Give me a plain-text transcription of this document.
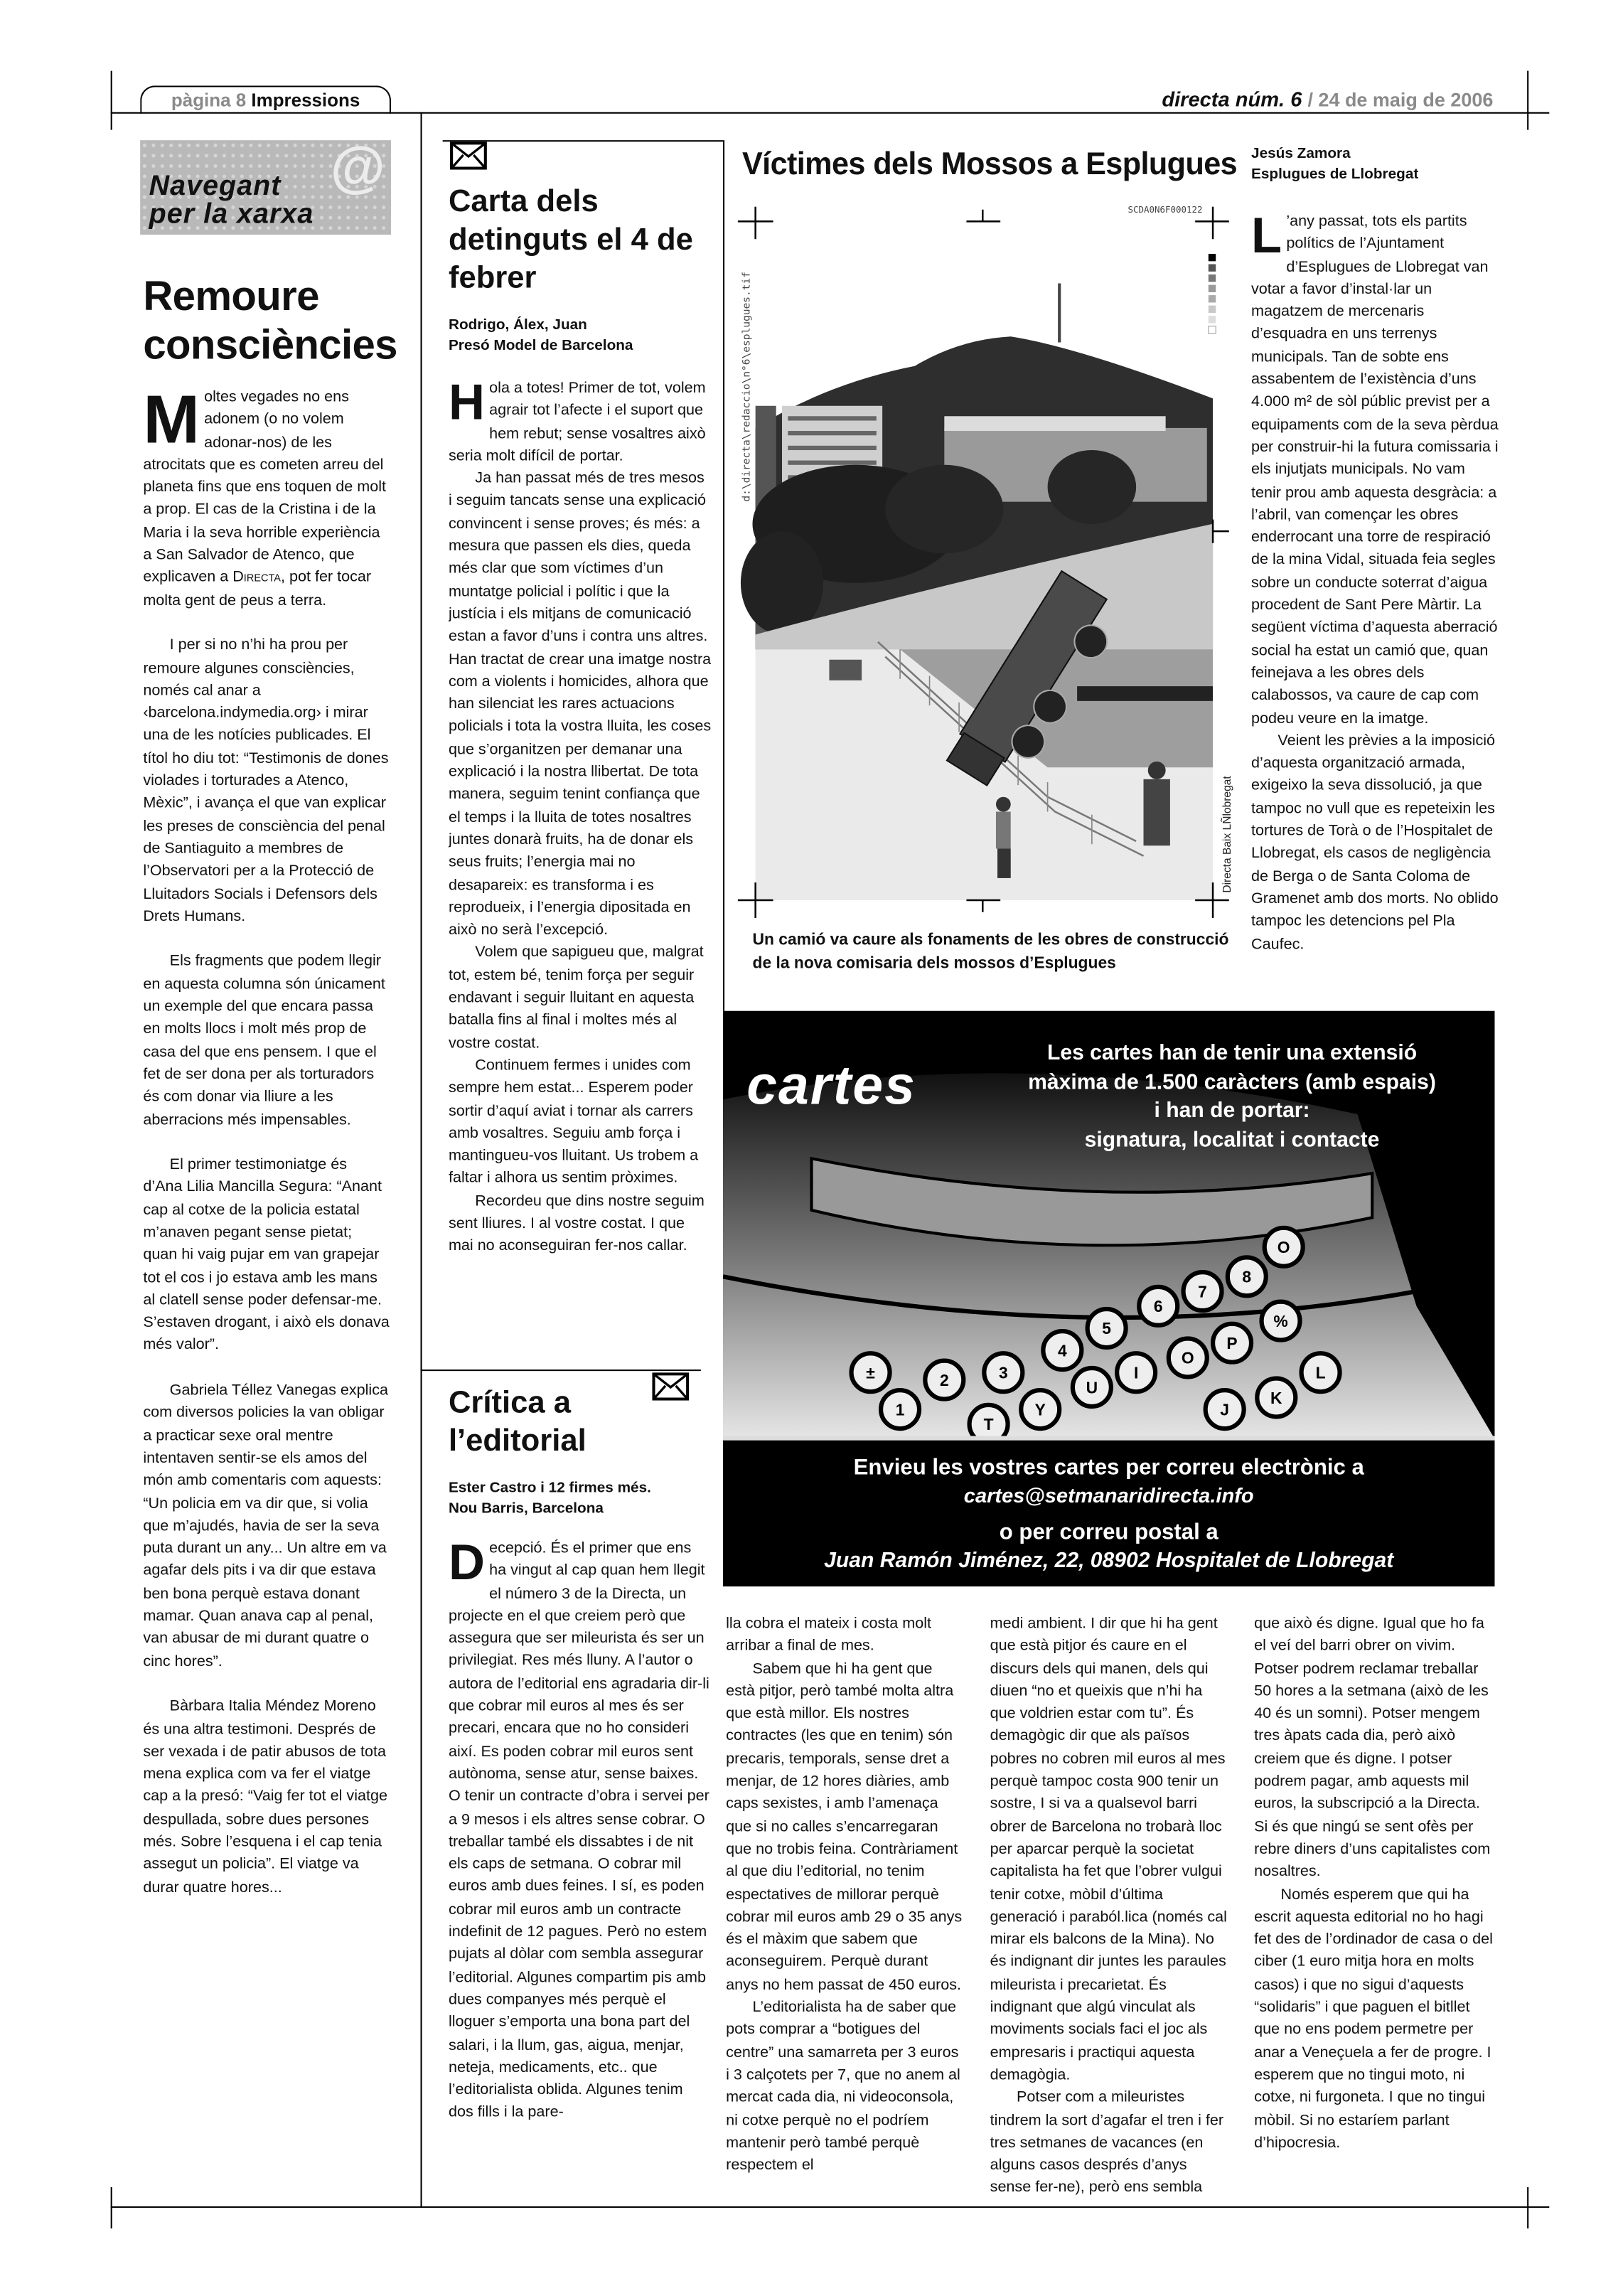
pàgina 8 Impressions	directa núm. 6 / 24 de maig de 2006
@
Navegant
per la xarxa
Remoure consciències

Moltes vegades no ens adonem (o no volem adonar-nos) de les atrocitats que es cometen arreu del planeta fins que ens toquen de molt a prop. El cas de la Cristina i de la Maria i la seva horrible experiència a San Salvador de Atenco, que explicaven a Directa, pot fer tocar molta gent de peus a terra.

I per si no n’hi ha prou per remoure algunes consciències, només cal anar a ‹barcelona.indymedia.org› i mirar una de les notícies publicades. El títol ho diu tot: “Testimonis de dones violades i torturades a Atenco, Mèxic”, i avança el que van explicar les preses de consciència del penal de Santiaguito a membres de l’Observatori per a la Protecció de Lluitadors Socials i Defensors dels Drets Humans.

Els fragments que podem llegir en aquesta columna són únicament un exemple del que encara passa en molts llocs i molt més prop de casa del que ens pensem. I que el fet de ser dona per als torturadors és com donar via lliure a les aberracions més impensables.

El primer testimoniatge és d’Ana Lilia Mancilla Segura: “Anant cap al cotxe de la policia estatal m’anaven pegant sense pietat; quan hi vaig pujar em van grapejar tot el cos i jo estava amb les mans al clatell sense poder defensar-me. S’estaven drogant, i això els donava més valor”.

Gabriela Téllez Vanegas explica com diversos policies la van obligar a practicar sexe oral mentre intentaven sentir-se els amos del món amb comentaris com aquests: “Un policia em va dir que, si volia que m’ajudés, havia de ser la seva puta durant un any... Un altre em va agafar dels pits i va dir que estava ben bona perquè estava donant mamar. Quan anava cap al penal, van abusar de mi durant quatre o cinc hores”.

Bàrbara Italia Méndez Moreno és una altra testimoni. Després de ser vexada i de patir abusos de tota mena explica com va fer el viatge cap a la presó: “Vaig fer tot el viatge despullada, sobre dues persones més. Sobre l’esquena i el cap tenia assegut un policia”. El viatge va durar quatre hores...

Carta dels detinguts el 4 de febrer
Rodrigo, Álex, Juan
Presó Model de Barcelona

Hola a totes! Primer de tot, volem agrair tot l’afecte i el suport que hem rebut; sense vosaltres això seria molt difícil de portar.

Ja han passat més de tres mesos i seguim tancats sense una explicació convincent i sense proves; és més: a mesura que passen els dies, queda més clar que som víctimes d’un muntatge policial i polític i que la justícia i els mitjans de comunicació estan a favor d’uns i contra uns altres. Han tractat de crear una imatge nostra com a violents i homicides, alhora que han silenciat les rares actuacions policials i tota la vostra lluita, les coses que s’organitzen per demanar una explicació i la nostra llibertat. De tota manera, seguim tenint confiança que el temps i la lluita de totes nosaltres juntes donarà fruits, ha de donar els seus fruits; l’energia mai no desapareix: es transforma i es reprodueix, i l’energia dipositada en això no serà l’excepció.

Volem que sapigueu que, malgrat tot, estem bé, tenim força per seguir endavant i seguir lluitant en aquesta batalla fins al final i moltes més al vostre costat.

Continuem fermes i unides com sempre hem estat... Esperem poder sortir d’aquí aviat i tornar als carrers amb vosaltres. Seguiu amb força i mantingueu-vos lluitant. Us trobem a faltar i alhora us sentim pròximes.

Recordeu que dins nostre seguim sent lliures. I al vostre costat. I que mai no aconseguiran fer-nos callar.

Crítica a l’editorial
Ester Castro i 12 firmes més.
Nou Barris, Barcelona

Decepció. És el primer que ens ha vingut al cap quan hem llegit el número 3 de la Directa, un projecte en el que creiem però que assegura que ser mileurista és ser un privilegiat. Res més lluny. A l’autor o autora de l’editorial ens agradaria dir-li que cobrar mil euros al mes és ser precari, encara que no ho consideri així. Es poden cobrar mil euros sent autònoma, sense atur, sense baixes. O tenir un contracte d’obra i servei per a 9 mesos i els altres sense cobrar. O treballar també els dissabtes i de nit els caps de setmana. O cobrar mil euros amb dues feines. I sí, es poden cobrar mil euros amb un contracte indefinit de 12 pagues. Però no estem pujats al dòlar com sembla assegurar l’editorial. Algunes compartim pis amb dues companyes més perquè el lloguer s’emporta una bona part del salari, i la llum, gas, aigua, menjar, neteja, medicaments, etc.. que l’editorialista oblida. Algunes tenim dos fills i la pare-

lla cobra el mateix i costa molt arribar a final de mes.

Sabem que hi ha gent que està pitjor, però també molta altra que està millor. Els nostres contractes (les que en tenim) són precaris, temporals, sense dret a menjar, de 12 hores diàries, amb caps sexistes, i amb l’amenaça que si no calles s’encarregaran que no trobis feina. Contràriament al que diu l’editorial, no tenim espectatives de millorar perquè cobrar mil euros amb 29 o 35 anys és el màxim que sabem que aconseguirem. Perquè durant anys no hem passat de 450 euros.

L’editorialista ha de saber que pots comprar a “botigues del centre” una samarreta per 3 euros i 3 calçotets per 7, que no anem al mercat cada dia, ni videoconsola, ni cotxe perquè no el podríem mantenir però també perquè respectem el

medi ambient. I dir que hi ha gent que està pitjor és caure en el discurs dels qui manen, dels qui diuen “no et queixis que n’hi ha que voldrien estar com tu”. És demagògic dir que als països pobres no cobren mil euros al mes perquè tampoc costa 900 tenir un sostre, I si va a qualsevol barri obrer de Barcelona no trobarà lloc per aparcar perquè la societat capitalista ha fet que l’obrer vulgui tenir cotxe, mòbil d’última generació i paraból.lica (només cal mirar els balcons de la Mina). No és indignant dir juntes les paraules mileurista i precarietat. És indignant que algú vinculat als moviments socials faci el joc als empresaris i practiqui aquesta demagògia.

Potser com a mileuristes tindrem la sort d’agafar el tren i fer tres setmanes de vacances (en alguns casos després d’anys sense fer-ne), però ens sembla

que això és digne. Igual que ho fa el veí del barri obrer on vivim. Potser podrem reclamar treballar 50 hores a la setmana (això de les 40 és un somni). Potser mengem tres àpats cada dia, però això creiem que és digne. I potser podrem pagar, amb aquests mil euros, la subscripció a la Directa. Si és que ningú se sent ofès per rebre diners d’uns capitalistes com nosaltres.

Només esperem que qui ha escrit aquesta editorial no ho hagi fet des de l’ordinador de casa o del ciber (1 euro mitja hora en molts casos) i que no sigui d’aquests “solidaris” i que paguen el bitllet que no ens podem permetre per anar a Veneçuela a fer de progre. I esperem que no tingui moto, ni cotxe, ni furgoneta. I que no tingui mòbil. Si no estaríem parlant d’hipocresia.

Víctimes dels Mossos a Esplugues Jesús Zamora
Esplugues de Llobregat
SCDA0N6F000122
d:\directa\redaccio\n°6\esplugues.tif
Directa Baix LÑlobregat
Un camió va caure als fonaments de les obres de construcció de la nova comisaria dels mossos d’Esplugues

L ’any passat, tots els partits polítics de l’Ajuntament d’Esplugues de Llobregat van votar a favor d’instal·lar un magatzem de mercenaris d’esquadra en uns terrenys municipals. Tan de sobte ens assabentem de l’existència d’uns 4.000 m² de sòl públic previst per a equipaments com de la seva pèrdua per construir-hi la futura comissaria i els injutjats municipals. No vam tenir prou amb aquesta desgràcia: a l’abril, van començar les obres enderrocant una torre de respiració de la mina Vidal, situada feia segles sobre un conducte soterrat d’aigua procedent de Sant Pere Màrtir. La següent víctima d’aquesta aberració social ha estat un camió que, quan feinejava a les obres dels calabossos, va caure de cap com podeu veure en la imatge.

Veient les prèvies a la imposició d’aquesta organització armada, exigeixo la seva dissolució, ja que tampoc no vull que es repeteixin les tortures de Torà o de l’Hospitalet de Llobregat, els casos de negligència de Berga o de Santa Coloma de Gramenet amb dos morts. No oblido tampoc les detencions pel Pla Caufec.

±
1
2	3
4
5
6
7
8
O
T
Y
U
I
O
P
%
J
K
L
cartes
Les cartes han de tenir una extensió
màxima de 1.500 caràcters (amb espais)
i han de portar:
signatura, localitat i contacte
Envieu les vostres cartes per correu electrònic a
cartes@setmanaridirecta.info
o per correu postal a
Juan Ramón Jiménez, 22, 08902 Hospitalet de Llobregat
